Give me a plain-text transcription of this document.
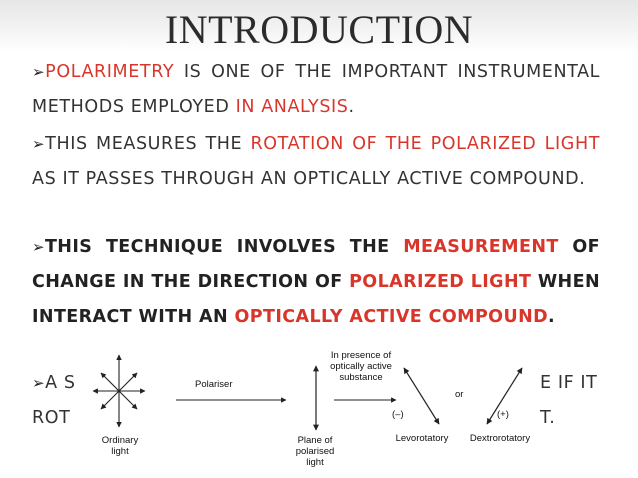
INTRODUCTION
➢POLARIMETRY IS ONE OF THE IMPORTANT INSTRUMENTAL METHODS EMPLOYED IN ANALYSIS.
➢THIS MEASURES THE ROTATION OF THE POLARIZED LIGHT AS IT PASSES THROUGH AN OPTICALLY ACTIVE COMPOUND.
➢THIS TECHNIQUE INVOLVES THE MEASUREMENT OF CHANGE IN THE DIRECTION OF POLARIZED LIGHT WHEN INTERACT WITH AN OPTICALLY ACTIVE COMPOUND.
➢A S
ROT
E IF IT
T.
Ordinary light
Polariser
Plane of polarised light
In presence of optically active substance
(–)
or
(+)
Levorotatory Dextrorotatory
